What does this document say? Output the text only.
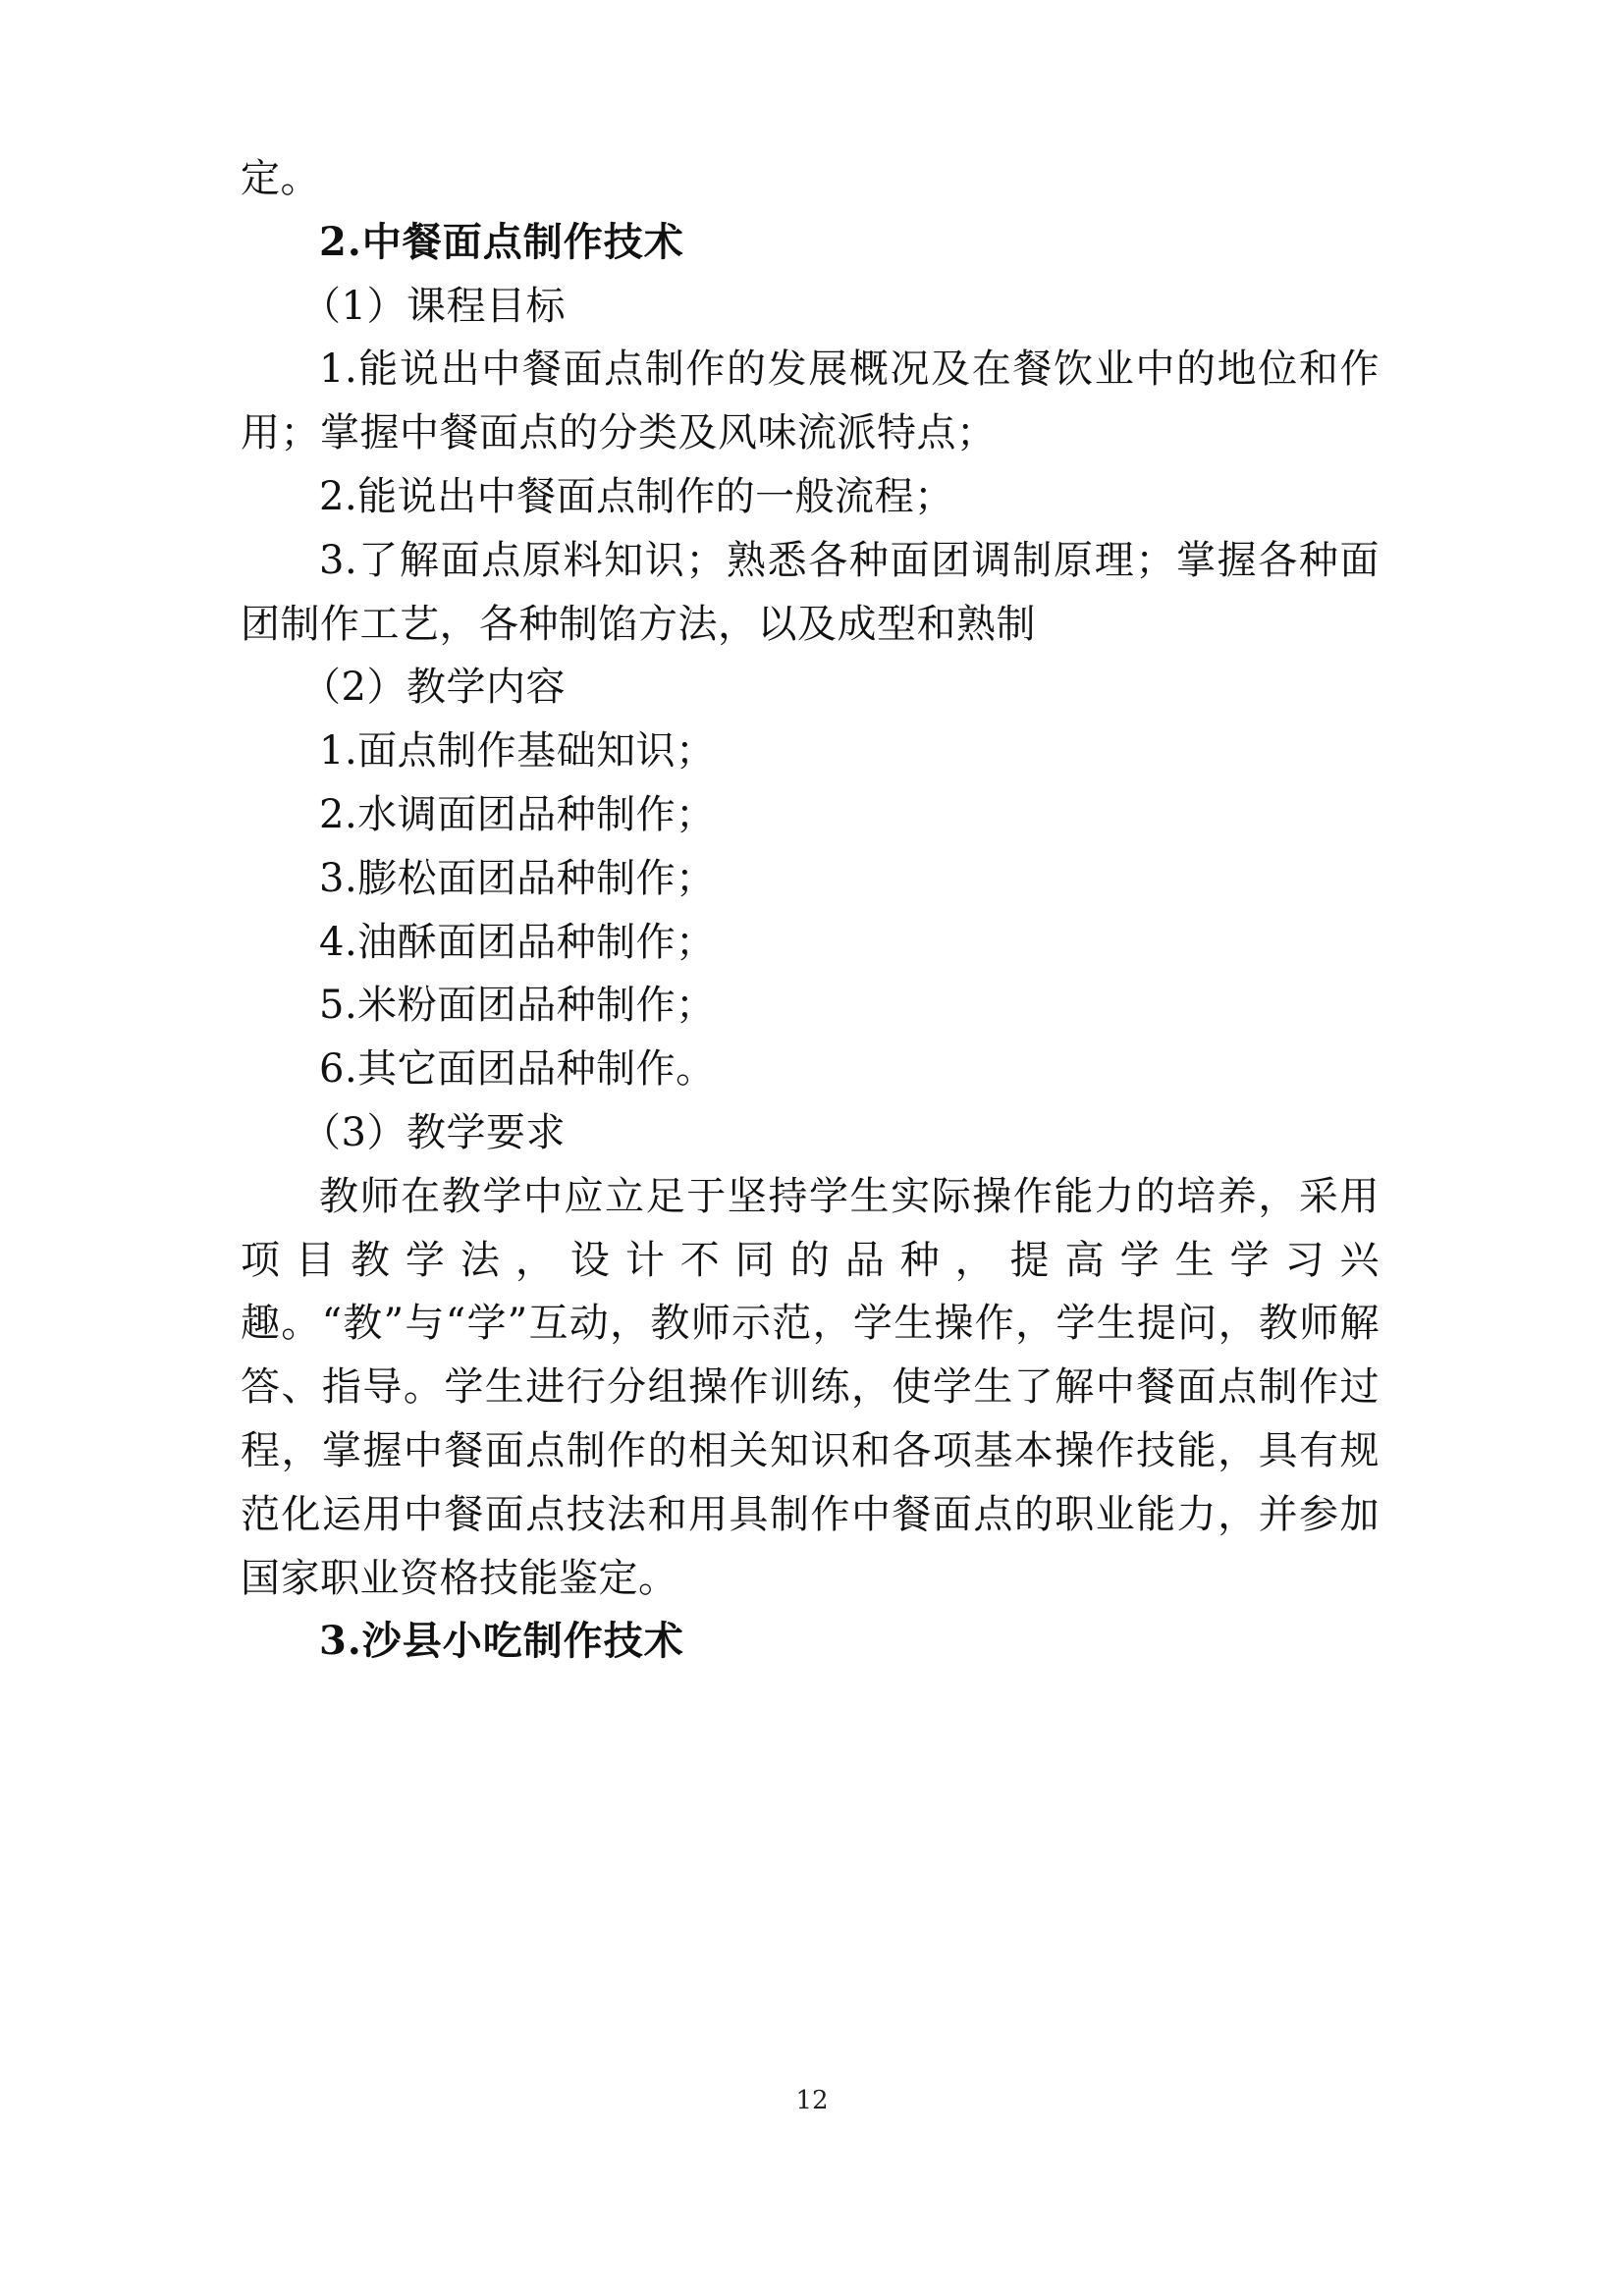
定。

2.中餐面点制作技术

（1）课程目标

1.能说出中餐面点制作的发展概况及在餐饮业中的地位和作用；掌握中餐面点的分类及风味流派特点；

2.能说出中餐面点制作的一般流程；

3.了解面点原料知识；熟悉各种面团调制原理；掌握各种面团制作工艺，各种制馅方法，以及成型和熟制

（2）教学内容

1.面点制作基础知识；

2.水调面团品种制作；

3.膨松面团品种制作；

4.油酥面团品种制作；

5.米粉面团品种制作；

6.其它面团品种制作。

（3）教学要求

教师在教学中应立足于坚持学生实际操作能力的培养，采用项目教学法，设计不同的品种，提高学生学习兴趣。“教”与“学”互动，教师示范，学生操作，学生提问，教师解答、指导。学生进行分组操作训练，使学生了解中餐面点制作过程，掌握中餐面点制作的相关知识和各项基本操作技能，具有规范化运用中餐面点技法和用具制作中餐面点的职业能力，并参加国家职业资格技能鉴定。

3.沙县小吃制作技术

12
